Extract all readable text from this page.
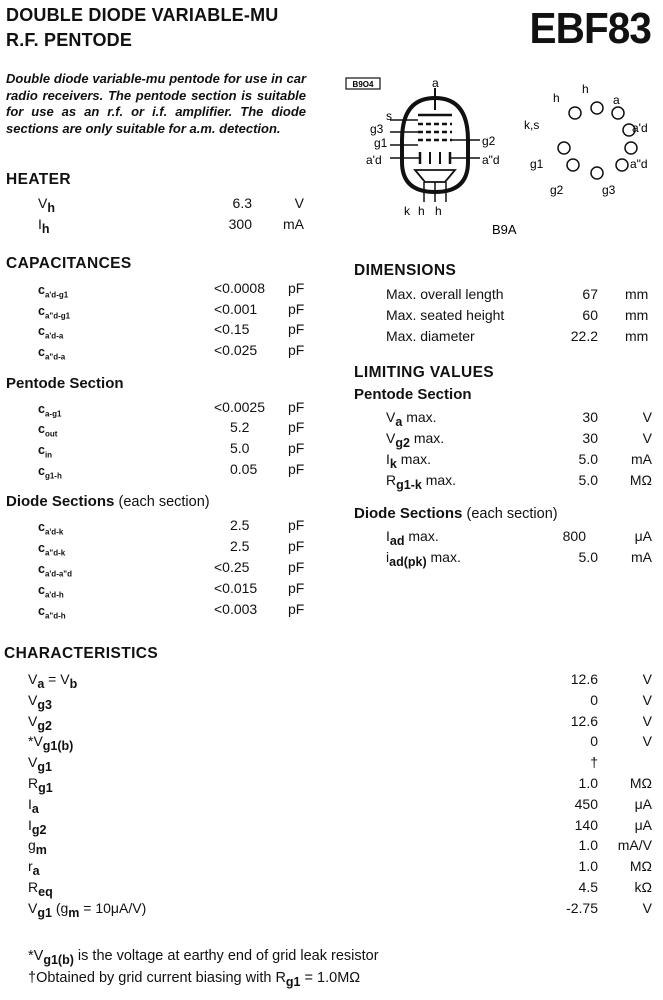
DOUBLE DIODE VARIABLE-MU
R.F. PENTODE	EBF83
Double diode variable-mu pentode for use in car radio receivers. The pentode section is suitable for use as an r.f. or i.f. amplifier. The diode sections are only suitable for a.m. detection.
B9O4	a
s
g3
g1
a'd
g2
a"d
k h h
B9A
h
h	a
a'd
a"d
g3
g2
g1
k,s
HEATER
$V_h$	6.3	V
$I_h$	300	mA
CAPACITANCES
$c_{a'd-g1}$	<0.0008 pF
$c_{a"d-g1}$	<0.001 pF
$c_{a'd-a}$	<0.15	pF
$c_{a"d-a}$	<0.025 pF
Pentode Section
$c_{a-g1}$	<0.0025 pF
$c_{out}$	5.2	pF
$c_{in}$	5.0	pF
$c_{g1-h}$	0.05 pF
Diode Sections (each section)
$c_{a'd-k}$	2.5	pF
$c_{a"d-k}$	2.5	pF
$c_{a'd-a"d}$	<0.25	pF
$c_{a'd-h}$	<0.015 pF
$c_{a"d-h}$	<0.003 pF
DIMENSIONS
Max. overall length	67 mm
Max. seated height	60 mm
Max. diameter	22.2 mm
LIMITING VALUES
Pentode Section
$V_a$ max.	30	V
$V_{g2}$ max.	30	V
$I_k$ max.	5.0	mA
$R_{g1-k}$ max.	5.0	MΩ
Diode Sections (each section)
$I_{ad}$ max.	800	μA
$i_{ad(pk)}$ max.	5.0	mA
CHARACTERISTICS
$V_a = V_b$	12.6	V
$V_{g3}$	0	V
$V_{g2}$	12.6	V
$*V_{g1(b)}$	0	V
$V_{g1}$	†
$R_{g1}$	1.0	MΩ
$I_a$	450	μA
$I_{g2}$	140	μA
$g_m$	1.0	mA/V
$r_a$	1.0	MΩ
$R_{eq}$	4.5	kΩ
$V_{g1}$ $(g_m = 10\mu A/V)$	-2.75	V
$*V_{g1(b)}$ is the voltage at earthy end of grid leak resistor
†Obtained by grid current biasing with $R_{g1} = 1.0M\Omega$
